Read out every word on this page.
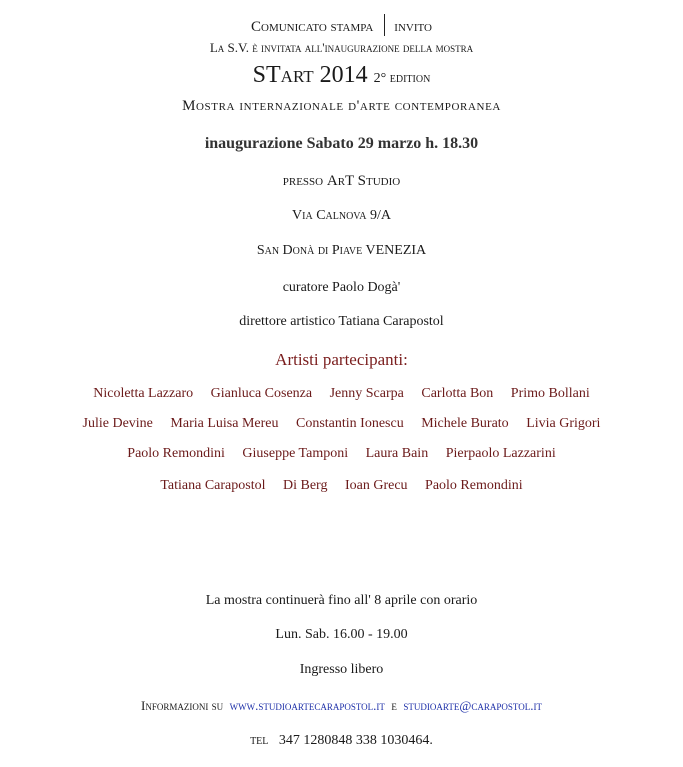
Comunicato stampa invito
La S.V. è invitata all'inaugurazione della mostra
STart 2014 2° edition
Mostra internazionale d'arte contemporanea
inaugurazione Sabato 29 marzo h. 18.30
presso ArT Studio
Via Calnova 9/A
San Donà di Piave VENEZIA
curatore Paolo Dogà'
direttore artistico Tatiana Carapostol
Artisti partecipanti:
Nicoletta Lazzaro Gianluca Cosenza Jenny Scarpa Carlotta Bon Primo Bollani
Julie Devine Maria Luisa Mereu Constantin Ionescu Michele Burato Livia Grigori
Paolo Remondini Giuseppe Tamponi Laura Bain Pierpaolo Lazzarini
Tatiana Carapostol Di Berg Ioan Grecu Paolo Remondini
La mostra continuerà fino all' 8 aprile con orario
Lun. Sab. 16.00 - 19.00
Ingresso libero
Informazioni su www.studioartecarapostol.it e studioarte@carapostol.it
tel 347 1280848 338 1030464.
